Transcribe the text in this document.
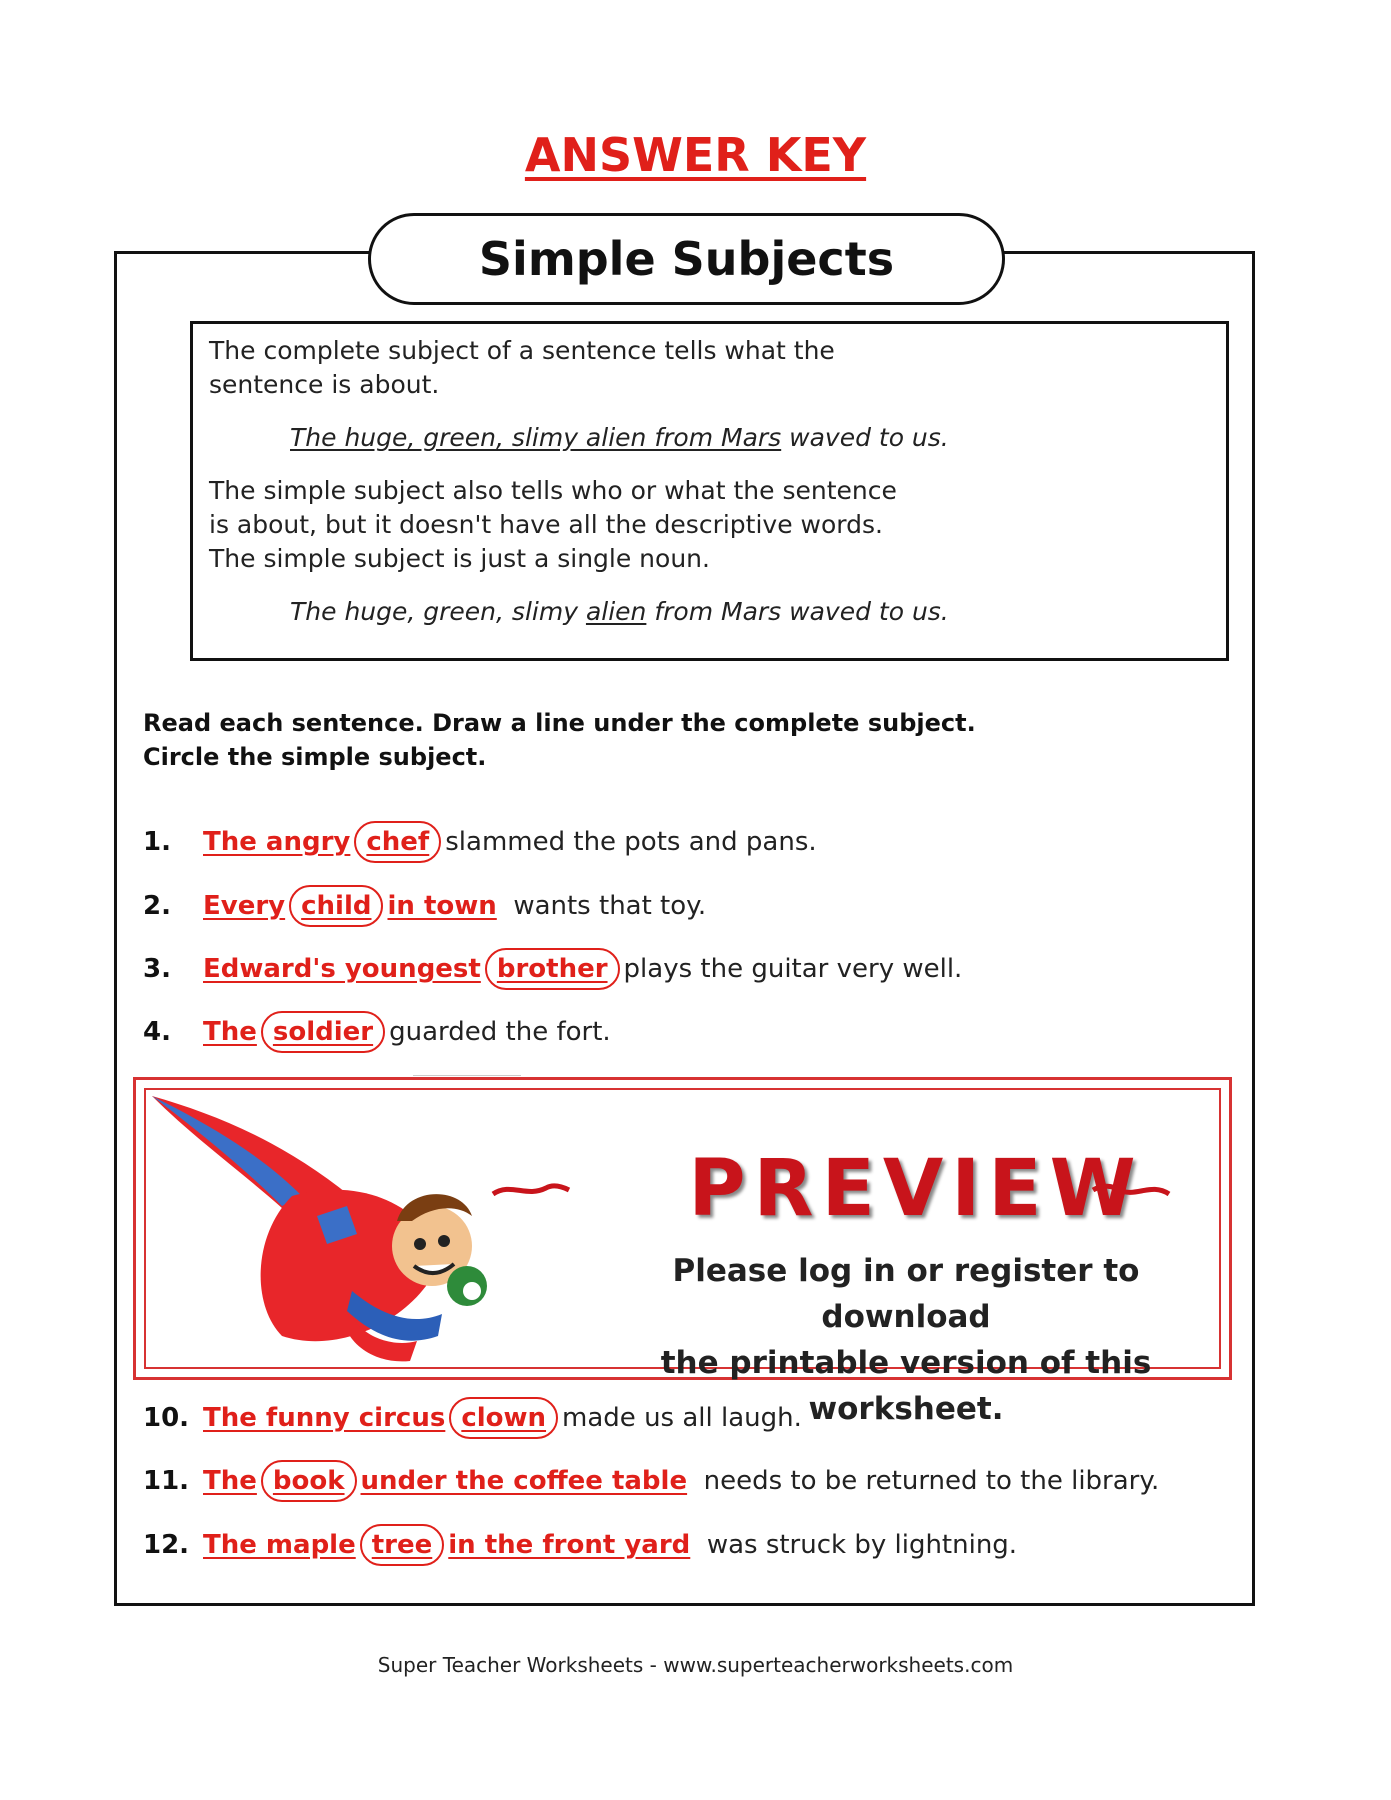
ANSWER KEY
Simple Subjects
The complete subject of a sentence tells what the
sentence is about.
The huge, green, slimy alien from Mars waved to us.
The simple subject also tells who or what the sentence
is about, but it doesn't have all the descriptive words.
The simple subject is just a single noun.
The huge, green, slimy alien from Mars waved to us.
Read each sentence. Draw a line under the complete subject.
Circle the simple subject.
1. The angry chef slammed the pots and pans.
2. Every child in town wants that toy.
3. Edward's youngest brother plays the guitar very well.
4. The soldier guarded the fort.
10. The funny circus clown made us all laugh.
11. The book under the coffee table needs to be returned to the library.
12. The maple tree in the front yard was struck by lightning.
PREVIEW
Please log in or register to download
the printable version of this worksheet.
Super Teacher Worksheets - www.superteacherworksheets.com
